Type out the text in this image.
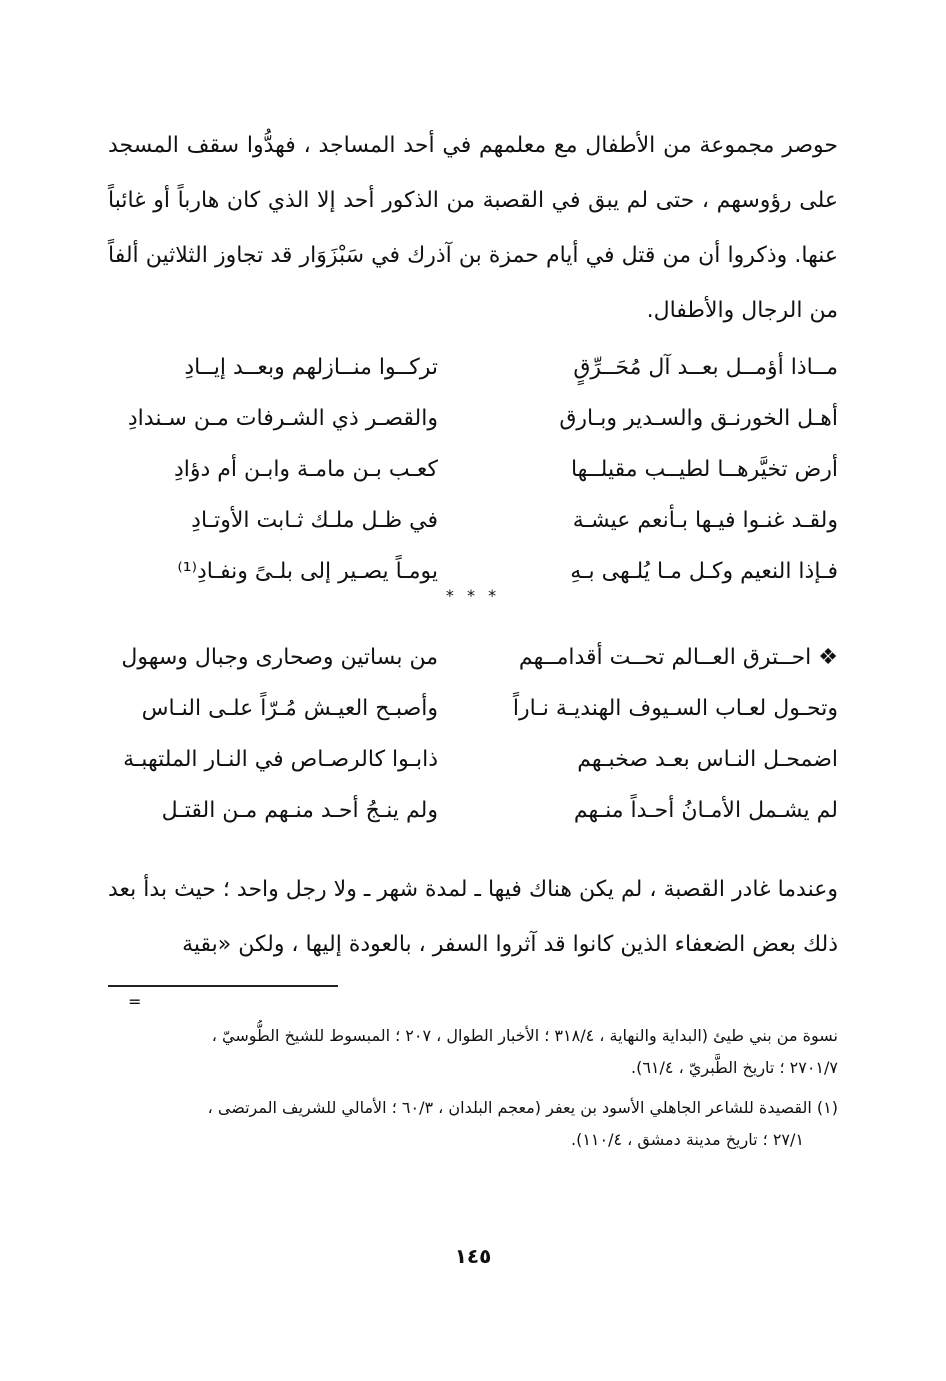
حوصر مجموعة من الأطفال مع معلمهم في أحد المساجد ، فهدُّوا سقف المسجد على رؤوسهم ، حتى لم يبق في القصبة من الذكور أحد إلا الذي كان هارباً أو غائباً عنها. وذكروا أن من قتل في أيام حمزة بن آذرك في سَبْزَوَار قد تجاوز الثلاثين ألفاً من الرجال والأطفال.

مــاذا أؤمــل بعــد آل مُحَــرِّقٍ
تركــوا منــازلهم وبعــد إيــادِ
أهـل الخورنـق والسـدير وبـارق
والقصـر ذي الشـرفات مـن سـندادِ
أرض تخيَّرهــا لطيــب مقيلــها
كعـب بـن مامـة وابـن أم دؤادِ
ولقـد غنـوا فيـها بـأنعم عيشـة
في ظـل ملـك ثـابت الأوتـادِ
فـإذا النعيم وكـل مـا يُلـهى بـهِ
يومـاً يصـير إلى بلـىً ونفـادِ⁽¹⁾
* * *
❖ احــترق العــالم تحــت أقدامــهم
من بساتين وصحارى وجبال وسهول
وتحـول لعـاب السـيوف الهنديـة نـاراً
وأصبـح العيـش مُـرّاً علـى النـاس
اضمحـل النـاس بعـد صخبـهم
ذابـوا كالرصـاص في النـار الملتهبـة
لم يشـمل الأمـانُ أحـداً منـهم
ولم ينـجُ أحـد منـهم مـن القتـل

وعندما غادر القصبة ، لم يكن هناك فيها ـ لمدة شهر ـ ولا رجل واحد ؛ حيث بدأ بعد ذلك بعض الضعفاء الذين كانوا قد آثروا السفر ، بالعودة إليها ، ولكن «بقية

=

نسوة من بني طيئ (البداية والنهاية ، ٣١٨/٤ ؛ الأخبار الطوال ، ٢٠٧ ؛ المبسوط للشيخ الطُّوسيّ ،
٢٧٠١/٧ ؛ تاريخ الطَّبريّ ، ٦١/٤).

(١) القصيدة للشاعر الجاهلي الأسود بن يعفر (معجم البلدان ، ٦٠/٣ ؛ الأمالي للشريف المرتضى ،
٢٧/١ ؛ تاريخ مدينة دمشق ، ١١٠/٤).

١٤٥
